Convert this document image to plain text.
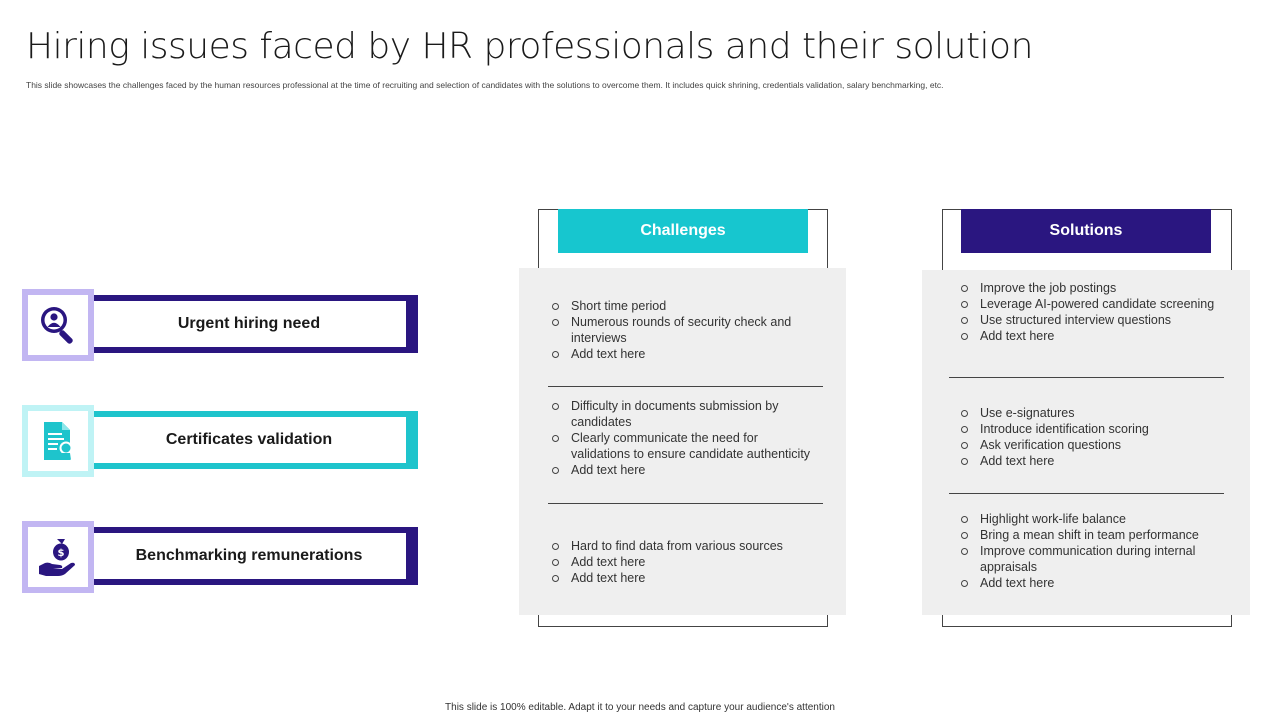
Hiring issues faced by HR professionals and their solution
This slide showcases the challenges faced by the human resources professional at the time of recruiting and selection of candidates with the solutions to overcome them. It includes quick shrining, credentials validation, salary benchmarking, etc.
Urgent hiring need
Certificates validation
Benchmarking remunerations
$
Challenges
Short time period
Numerous rounds of security check and interviews
Add text here
Difficulty in documents submission by candidates
Clearly communicate the need for validations to ensure candidate authenticity
Add text here
Hard to find data from various sources
Add text here
Add text here
Solutions
Improve the job postings
Leverage AI-powered candidate screening
Use structured interview questions
Add text here
Use e-signatures
Introduce identification scoring
Ask verification questions
Add text here
Highlight work-life balance
Bring a mean shift in team performance
Improve communication during internal appraisals
Add text here
This slide is 100% editable. Adapt it to your needs and capture your audience's attention
